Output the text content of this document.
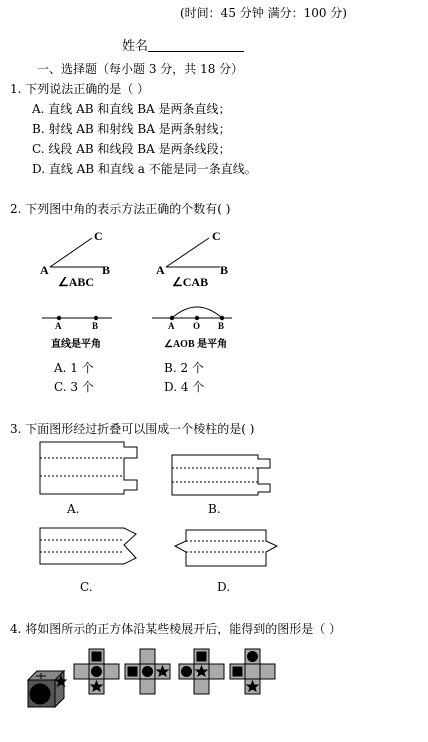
(时间：45 分钟 满分：100 分)
姓名
一、选择题（每小题 3 分，共 18 分）
1. 下列说法正确的是（ ）
A. 直线 AB 和直线 BA 是两条直线；
B. 射线 AB 和射线 BA 是两条射线；
C. 线段 AB 和线段 BA 是两条线段；
D. 直线 AB 和直线 a 不能是同一条直线。
2. 下列图中角的表示方法正确的个数有( )
C
A	B
∠ABC
C
A	B
∠CAB
A	B
直线是平角
A O B
∠AOB 是平角
A. 1 个	B. 2 个
C. 3 个	D. 4 个
3. 下面图形经过折叠可以围成一个棱柱的是( )
A.	B.
C.	D.
4. 将如图所示的正方体沿某些棱展开后，能得到的图形是（ ）
